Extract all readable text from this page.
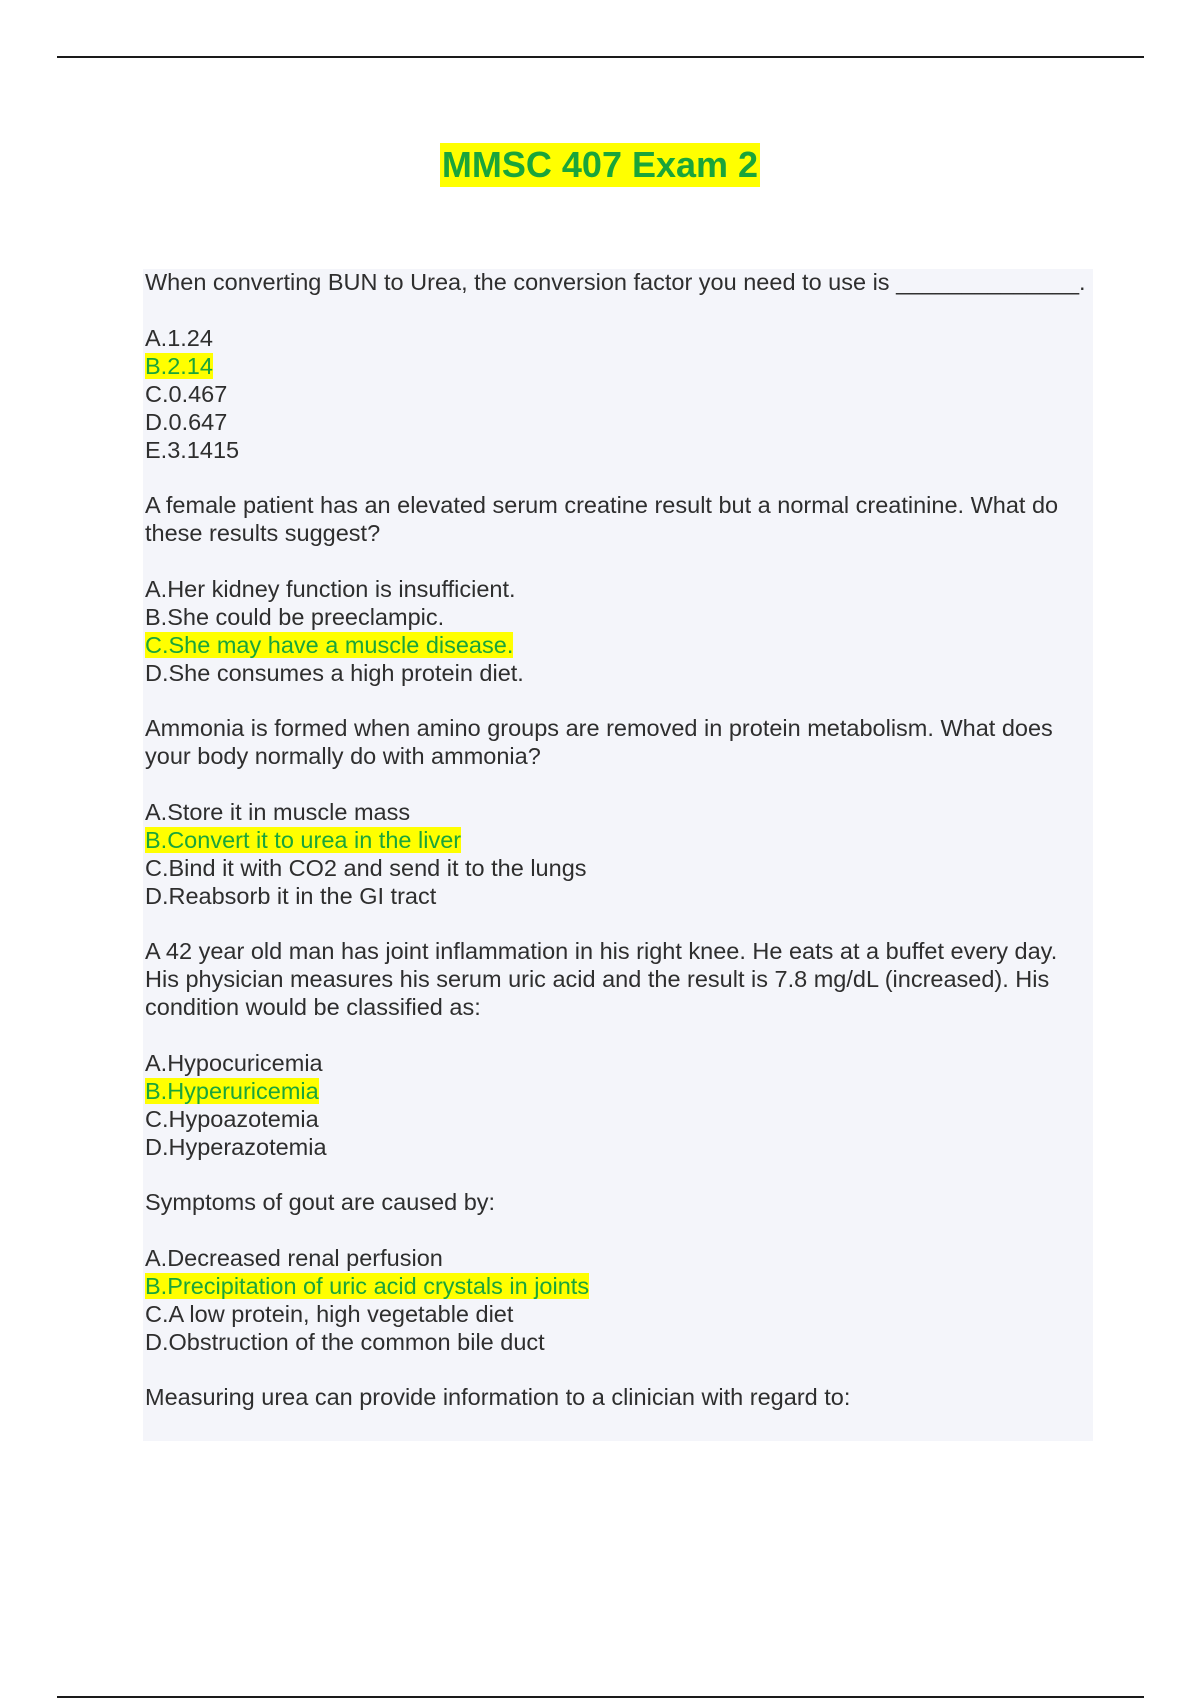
MMSC 407 Exam 2
When converting BUN to Urea, the conversion factor you need to use is ______________.
A.1.24
B.2.14
C.0.467
D.0.647
E.3.1415
A female patient has an elevated serum creatine result but a normal creatinine. What do these results suggest?
A.Her kidney function is insufficient.
B.She could be preeclampic.
C.She may have a muscle disease.
D.She consumes a high protein diet.
Ammonia is formed when amino groups are removed in protein metabolism. What does your body normally do with ammonia?
A.Store it in muscle mass
B.Convert it to urea in the liver
C.Bind it with CO2 and send it to the lungs
D.Reabsorb it in the GI tract
A 42 year old man has joint inflammation in his right knee. He eats at a buffet every day. His physician measures his serum uric acid and the result is 7.8 mg/dL (increased). His condition would be classified as:
A.Hypocuricemia
B.Hyperuricemia
C.Hypoazotemia
D.Hyperazotemia
Symptoms of gout are caused by:
A.Decreased renal perfusion
B.Precipitation of uric acid crystals in joints
C.A low protein, high vegetable diet
D.Obstruction of the common bile duct
Measuring urea can provide information to a clinician with regard to:
